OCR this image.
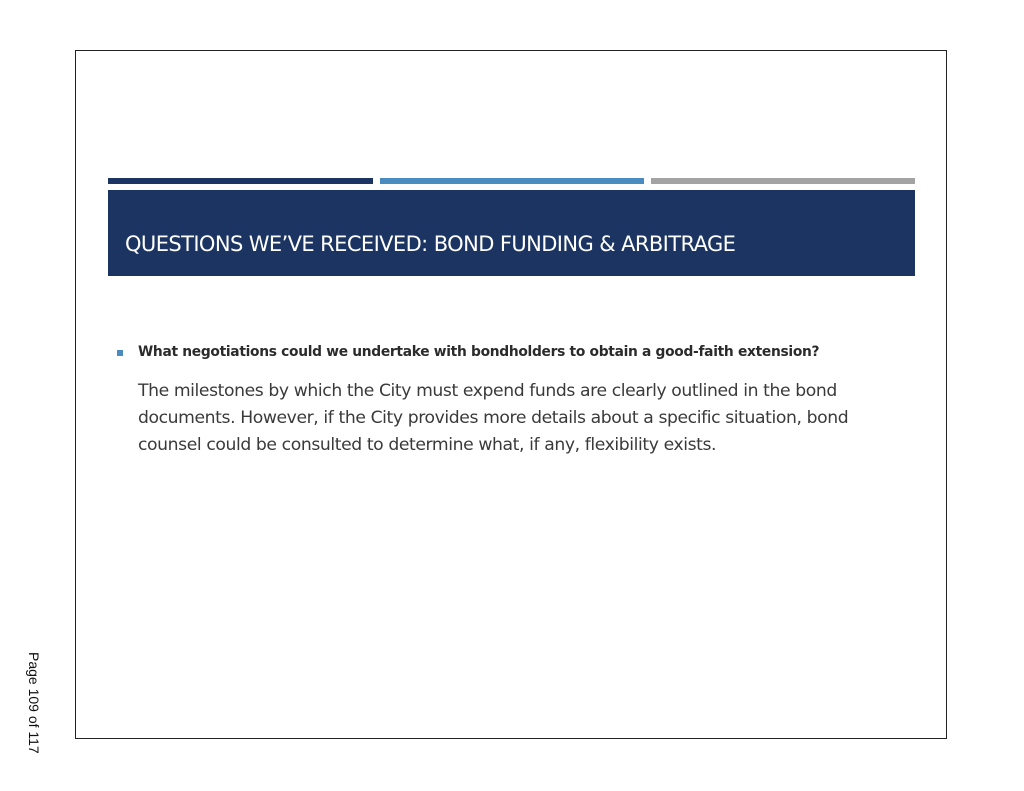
QUESTIONS WE’VE RECEIVED: BOND FUNDING & ARBITRAGE
What negotiations could we undertake with bondholders to obtain a good-faith extension?
The milestones by which the City must expend funds are clearly outlined in the bond documents. However, if the City provides more details about a specific situation, bond counsel could be consulted to determine what, if any, flexibility exists.
Page 109 of 117
